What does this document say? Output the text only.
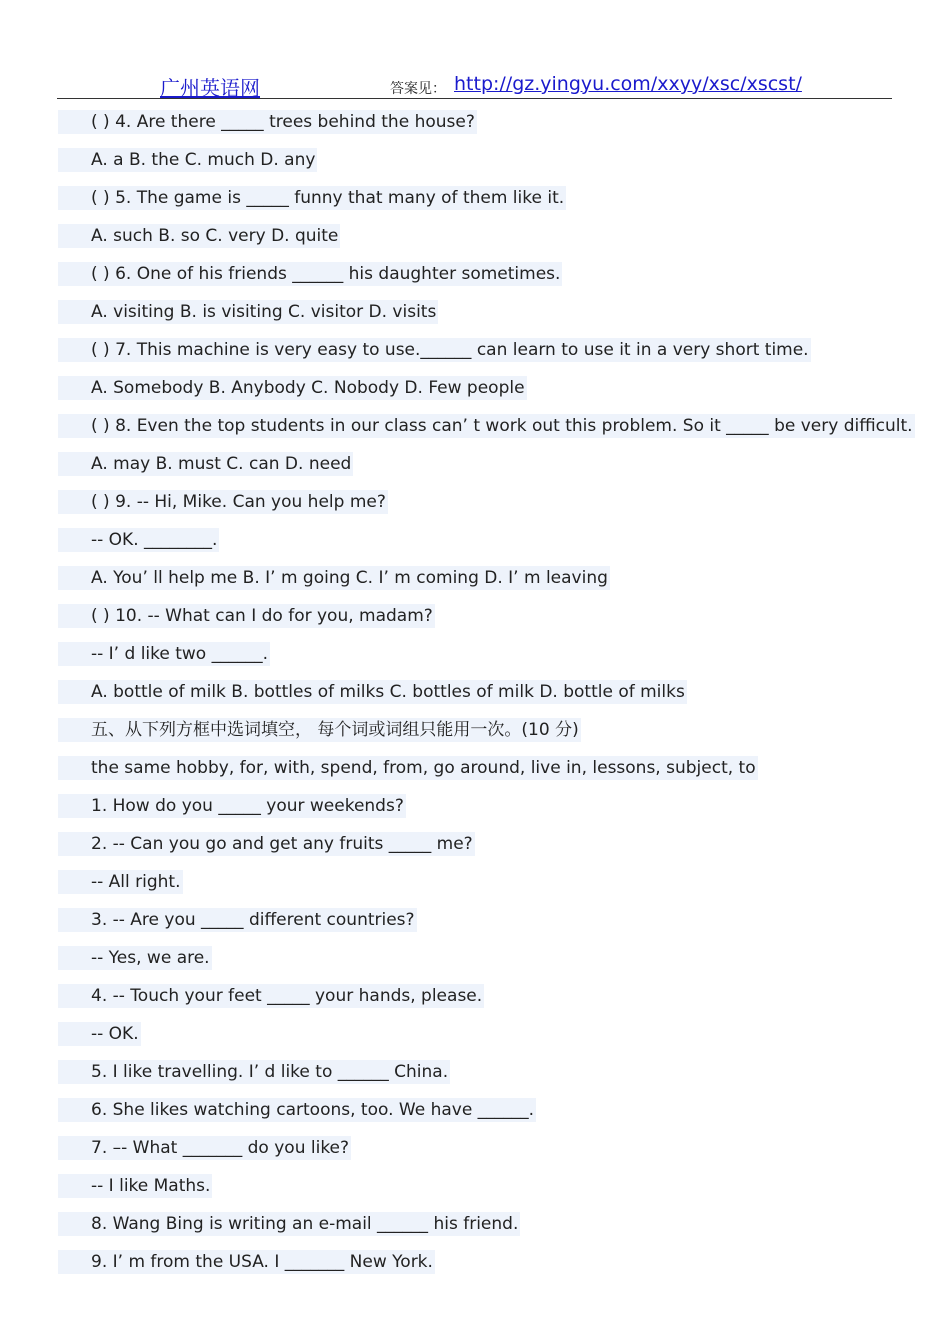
广州英语网	答案见： http://gz.yingyu.com/xxyy/xsc/xscst/
( ) 4. Are there _____ trees behind the house?
A. a B. the C. much D. any
( ) 5. The game is _____ funny that many of them like it.
A. such B. so C. very D. quite
( ) 6. One of his friends ______ his daughter sometimes.
A. visiting B. is visiting C. visitor D. visits
( ) 7. This machine is very easy to use.______ can learn to use it in a very short time.
A. Somebody B. Anybody C. Nobody D. Few people
( ) 8. Even the top students in our class can’ t work out this problem. So it _____ be very difficult.
A. may B. must C. can D. need
( ) 9. -- Hi, Mike. Can you help me?
-- OK. ________.
A. You’ ll help me B. I’ m going C. I’ m coming D. I’ m leaving
( ) 10. -- What can I do for you, madam?
-- I’ d like two ______.
A. bottle of milk B. bottles of milks C. bottles of milk D. bottle of milks
五、从下列方框中选词填空， 每个词或词组只能用一次。(10 分)
the same hobby, for, with, spend, from, go around, live in, lessons, subject, to
1. How do you _____ your weekends?
2. -- Can you go and get any fruits _____ me?
-- All right.
3. -- Are you _____ different countries?
-- Yes, we are.
4. -- Touch your feet _____ your hands, please.
-- OK.
5. I like travelling. I’ d like to ______ China.
6. She likes watching cartoons, too. We have ______.
7. –- What _______ do you like?
-- I like Maths.
8. Wang Bing is writing an e-mail ______ his friend.
9. I’ m from the USA. I _______ New York.
